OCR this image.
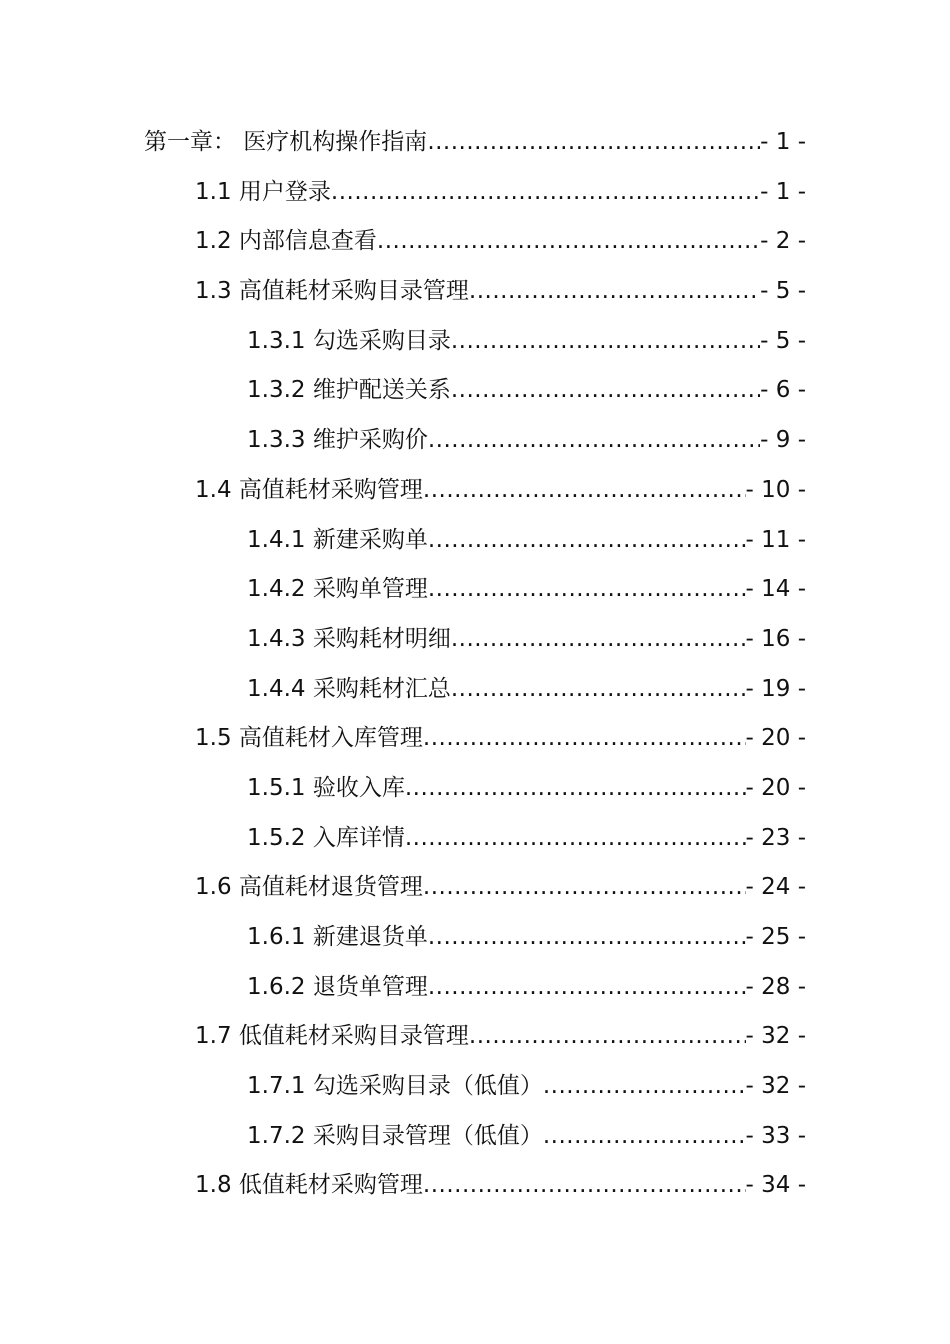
第一章： 医疗机构操作指南 .....	- 1 -
1.1 用户登录 .....	- 1 -
1.2 内部信息查看 .....	- 2 -
1.3 高值耗材采购目录管理 .....	- 5 -
1.3.1 勾选采购目录 .....	- 5 -
1.3.2 维护配送关系 .....	- 6 -
1.3.3 维护采购价 .....	- 9 -
1.4 高值耗材采购管理 .....	- 10 -
1.4.1 新建采购单 .....	- 11 -
1.4.2 采购单管理 .....	- 14 -
1.4.3 采购耗材明细 .....	- 16 -
1.4.4 采购耗材汇总 .....	- 19 -
1.5 高值耗材入库管理 .....	- 20 -
1.5.1 验收入库 .....	- 20 -
1.5.2 入库详情 .....	- 23 -
1.6 高值耗材退货管理 .....	- 24 -
1.6.1 新建退货单 .....	- 25 -
1.6.2 退货单管理 .....	- 28 -
1.7 低值耗材采购目录管理 .....	- 32 -
1.7.1 勾选采购目录（低值） .....	- 32 -
1.7.2 采购目录管理（低值） .....	- 33 -
1.8 低值耗材采购管理 .....	- 34 -
